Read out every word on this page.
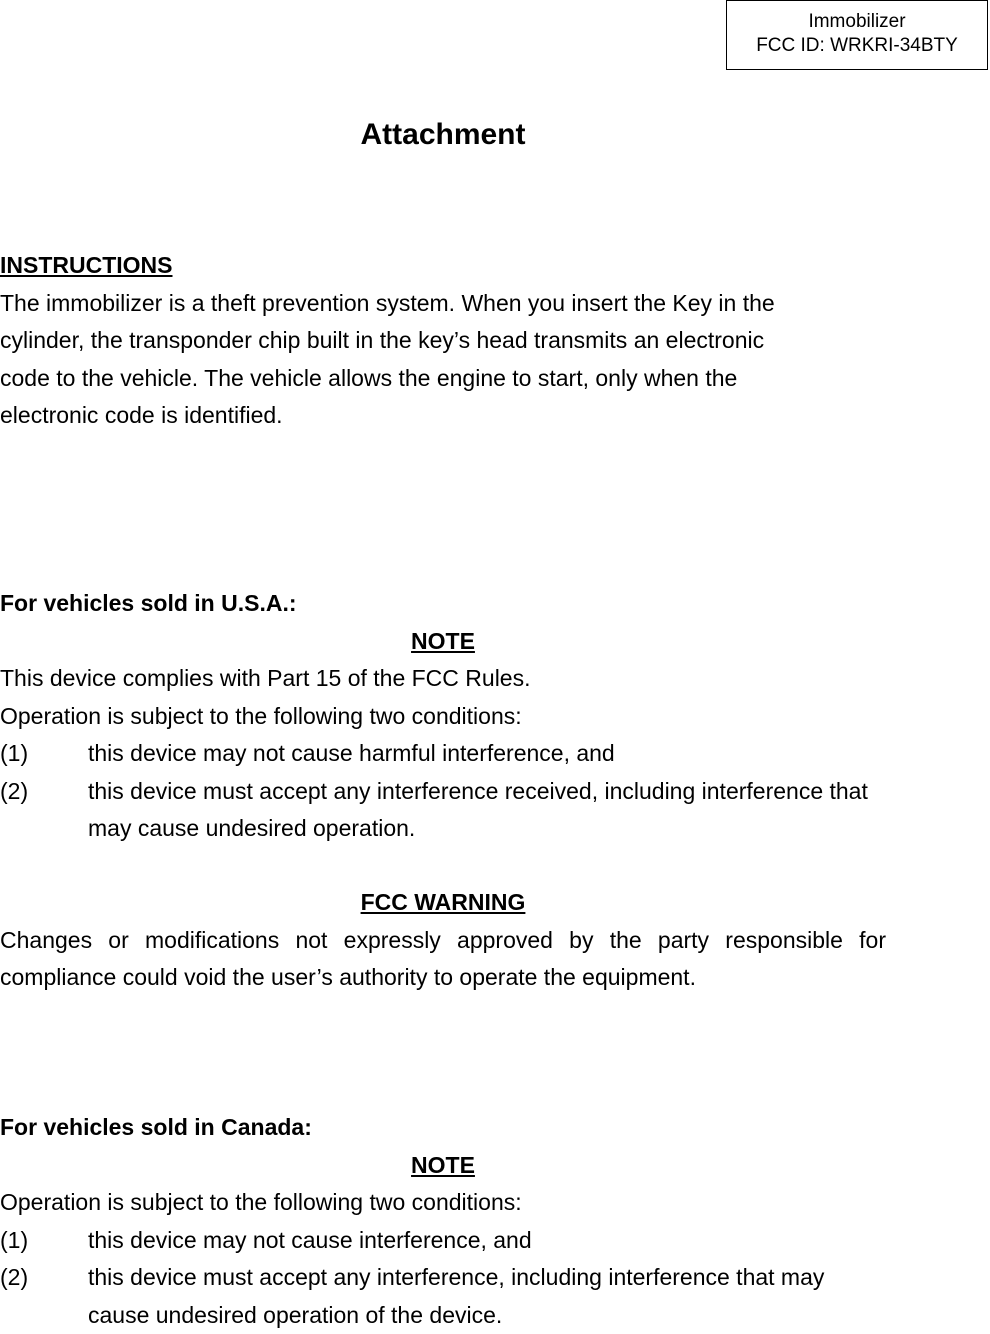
Immobilizer
FCC ID: WRKRI-34BTY
Attachment
INSTRUCTIONS
The immobilizer is a theft prevention system. When you insert the Key in the
cylinder, the transponder chip built in the key’s head transmits an electronic
code to the vehicle. The vehicle allows the engine to start, only when the
electronic code is identified.
For vehicles sold in U.S.A.:
NOTE
This device complies with Part 15 of the FCC Rules.
Operation is subject to the following two conditions:
(1)	this device may not cause harmful interference, and
(2)	this device must accept any interference received, including interference that may cause undesired operation.
FCC WARNING
Changes or modifications not expressly approved by the party responsible for compliance could void the user’s authority to operate the equipment.
For vehicles sold in Canada:
NOTE
Operation is subject to the following two conditions:
(1)	this device may not cause interference, and
(2)	this device must accept any interference, including interference that may cause undesired operation of the device.
